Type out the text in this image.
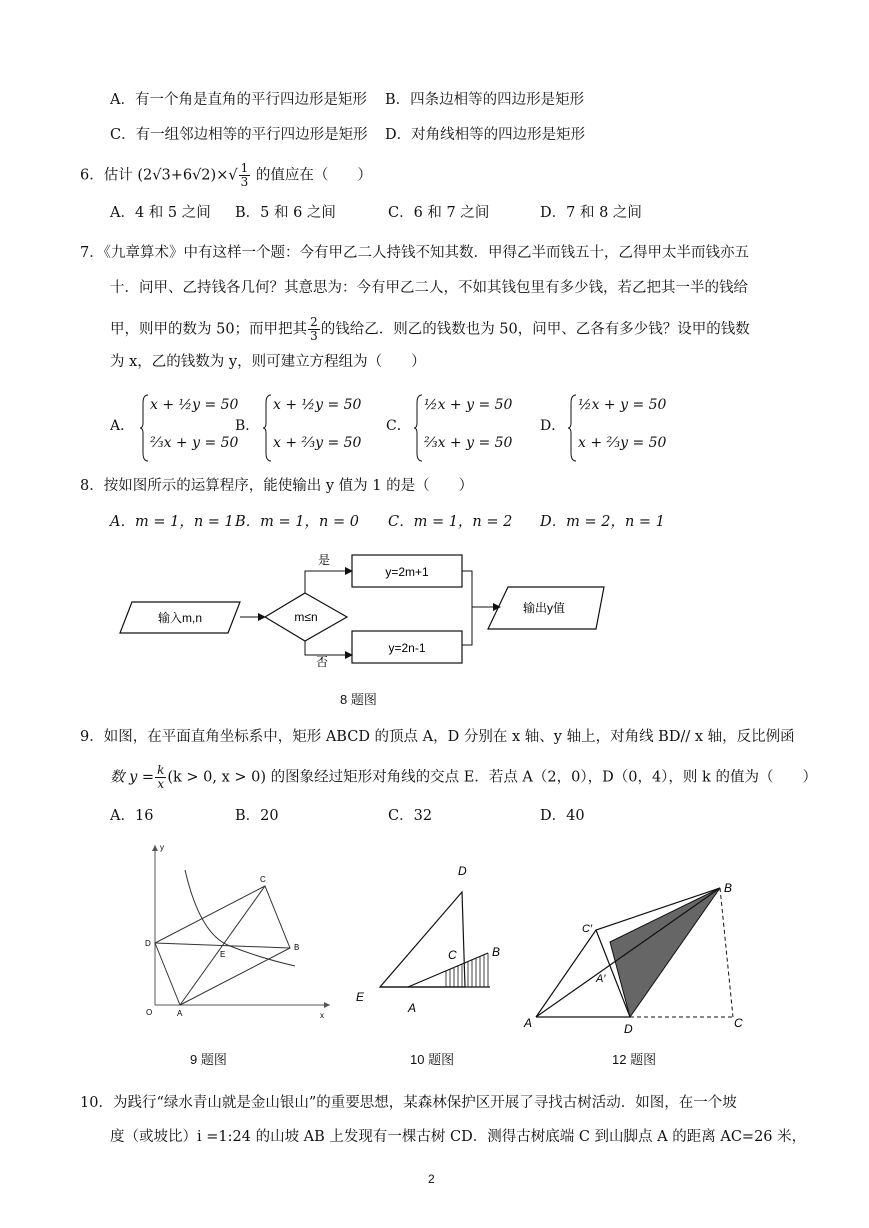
A．有一个角是直角的平行四边形是矩形 B．四条边相等的四边形是矩形
C．有一组邻边相等的平行四边形是矩形 D．对角线相等的四边形是矩形
6．估计 $(2√3+6√2)\times√ \frac{1}{3}$ 的值应在（　　）
A．4 和 5 之间 B．5 和 6 之间	C．6 和 7 之间	D．7 和 8 之间
7．《九章算术》中有这样一个题：今有甲乙二人持钱不知其数．甲得乙半而钱五十，乙得甲太半而钱亦五
十．问甲、乙持钱各几何？其意思为：今有甲乙二人，不如其钱包里有多少钱，若乙把其一半的钱给
甲，则甲的数为 50；而甲把其 $\frac{2}{3}$ 的钱给乙．则乙的钱数也为 50，问甲、乙各有多少钱？设甲的钱数
为 x，乙的钱数为 y，则可建立方程组为（　　）
A．
x + ½y = 50
⅔x + y = 50
B．
x + ½y = 50
x + ⅔y = 50
C．
½x + y = 50
⅔x + y = 50
D．
½x + y = 50
x + ⅔y = 50
8．按如图所示的运算程序，能使输出 y 值为 1 的是（　　）
A．m = 1，n = 1 B．m = 1，n = 0 C．m = 1，n = 2 D．m = 2，n = 1
输入m,n	m≤n
是
否
y=2m+1
y=2n-1
输出y值
8 题图
9．如图，在平面直角坐标系中，矩形 ABCD 的顶点 A，D 分别在 x 轴、y 轴上，对角线 BD// x 轴，反比例函
数 $y = \frac{k}{x} (k > 0$, x > 0) 的图象经过矩形对角线的交点 E．若点 A（2，0），D（0，4），则 k 的值为（　　）
A．16	B．20	C．32	D．40
y
x
O	A
B
C
D
E
9 题图
D
C	B
E
A
10 题图
B
C′
A′
A	D	C
12 题图
10．为践行“绿水青山就是金山银山”的重要思想，某森林保护区开展了寻找古树活动．如图，在一个坡
度（或坡比）i =1:24 的山坡 AB 上发现有一棵古树 CD．测得古树底端 C 到山脚点 A 的距离 AC=26 米，
2
